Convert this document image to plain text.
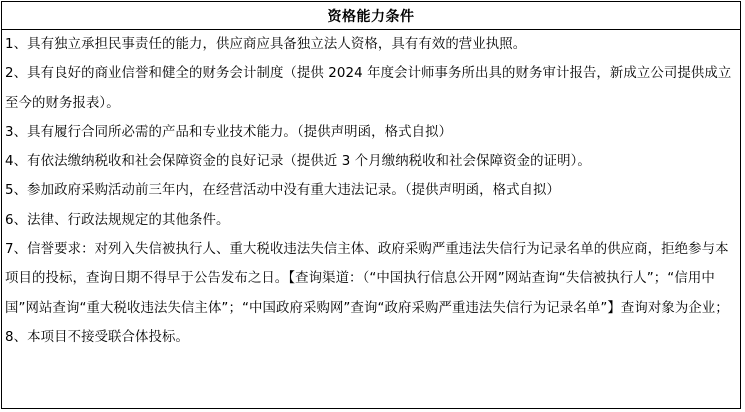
资格能力条件

1、具有独立承担民事责任的能力，供应商应具备独立法人资格，具有有效的营业执照。

2、具有良好的商业信誉和健全的财务会计制度（提供 2024 年度会计师事务所出具的财务审计报告，新成立公司提供成立至今的财务报表）。

3、具有履行合同所必需的产品和专业技术能力。（提供声明函，格式自拟）

4、有依法缴纳税收和社会保障资金的良好记录（提供近 3 个月缴纳税收和社会保障资金的证明）。

5、参加政府采购活动前三年内，在经营活动中没有重大违法记录。（提供声明函，格式自拟）

6、法律、行政法规规定的其他条件。

7、信誉要求：对列入失信被执行人、重大税收违法失信主体、政府采购严重违法失信行为记录名单的供应商，拒绝参与本项目的投标，查询日期不得早于公告发布之日。【查询渠道：（“中国执行信息公开网”网站查询“失信被执行人”；“信用中国”网站查询“重大税收违法失信主体”；“中国政府采购网”查询“政府采购严重违法失信行为记录名单”】查询对象为企业；

8、本项目不接受联合体投标。
